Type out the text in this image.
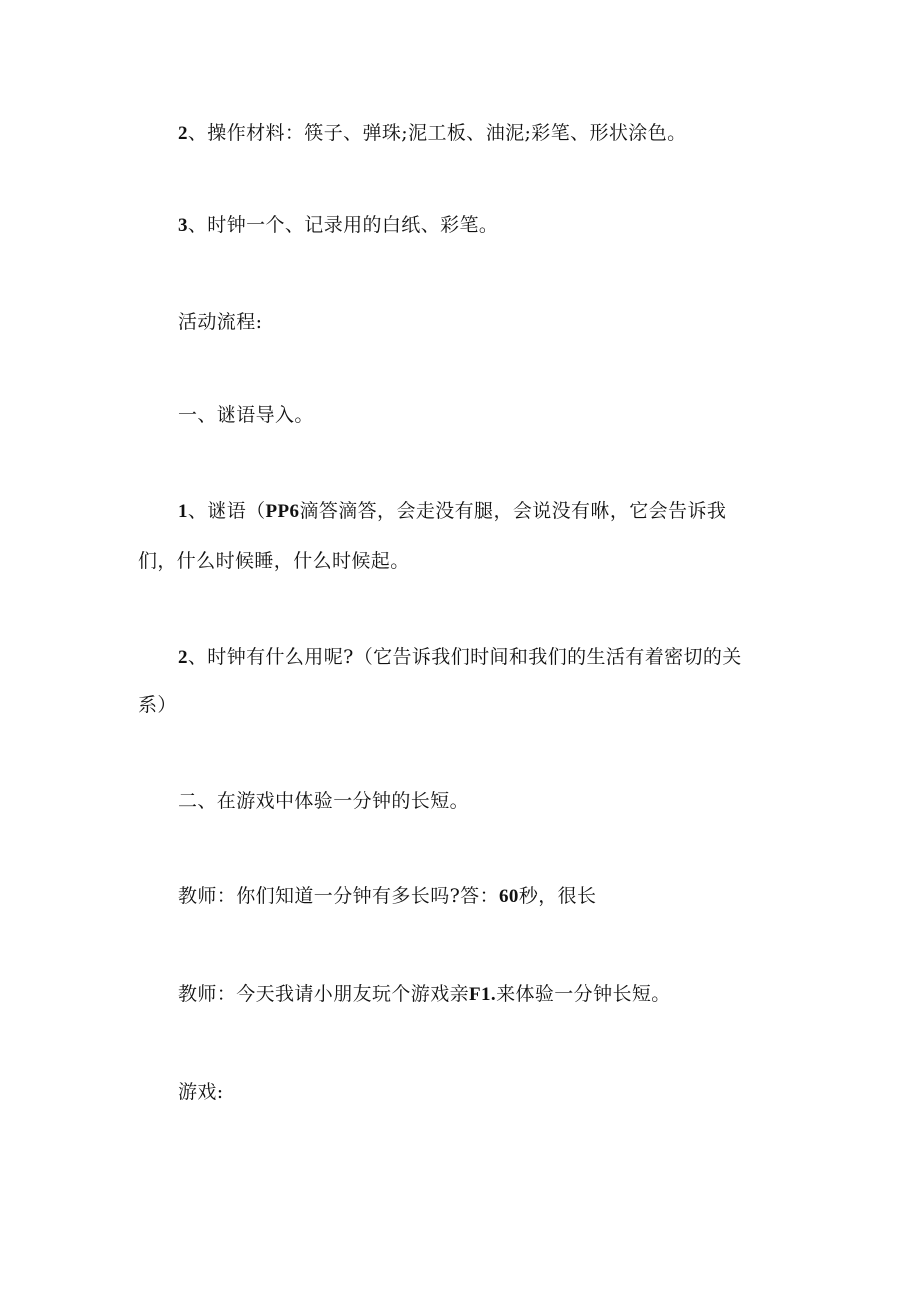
2、操作材料：筷子、弹珠;泥工板、油泥;彩笔、形状涂色。
3、时钟一个、记录用的白纸、彩笔。
活动流程:
一、谜语导入。
1、谜语（PP6滴答滴答，会走没有腿，会说没有咻，它会告诉我
们，什么时候睡，什么时候起。
2、时钟有什么用呢?（它告诉我们时间和我们的生活有着密切的关
系）
二、在游戏中体验一分钟的长短。
教师：你们知道一分钟有多长吗?答：60秒，很长
教师：今天我请小朋友玩个游戏亲F1.来体验一分钟长短。
游戏:
